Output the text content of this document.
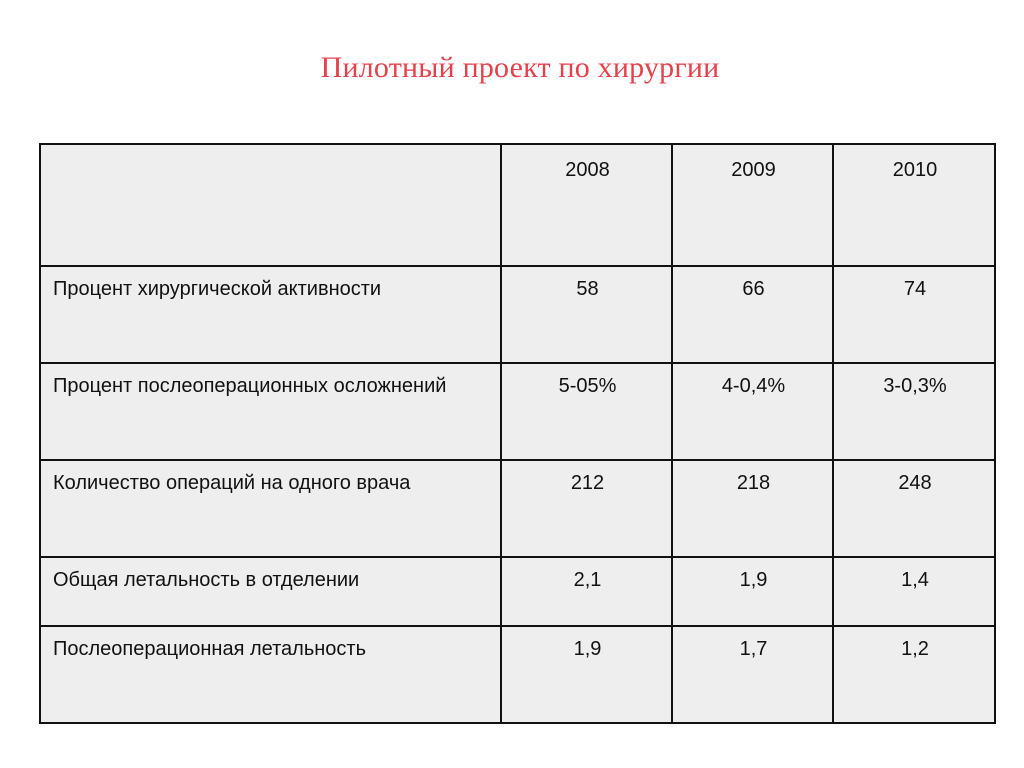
Пилотный проект по хирургии
	2008	2009	2010
Процент хирургической активности	58	66	74
Процент послеоперационных осложнений	5-05%	4-0,4%	3-0,3%
Количество операций на одного врача	212	218	248
Общая летальность в отделении	2,1	1,9	1,4
Послеоперационная летальность	1,9	1,7	1,2
